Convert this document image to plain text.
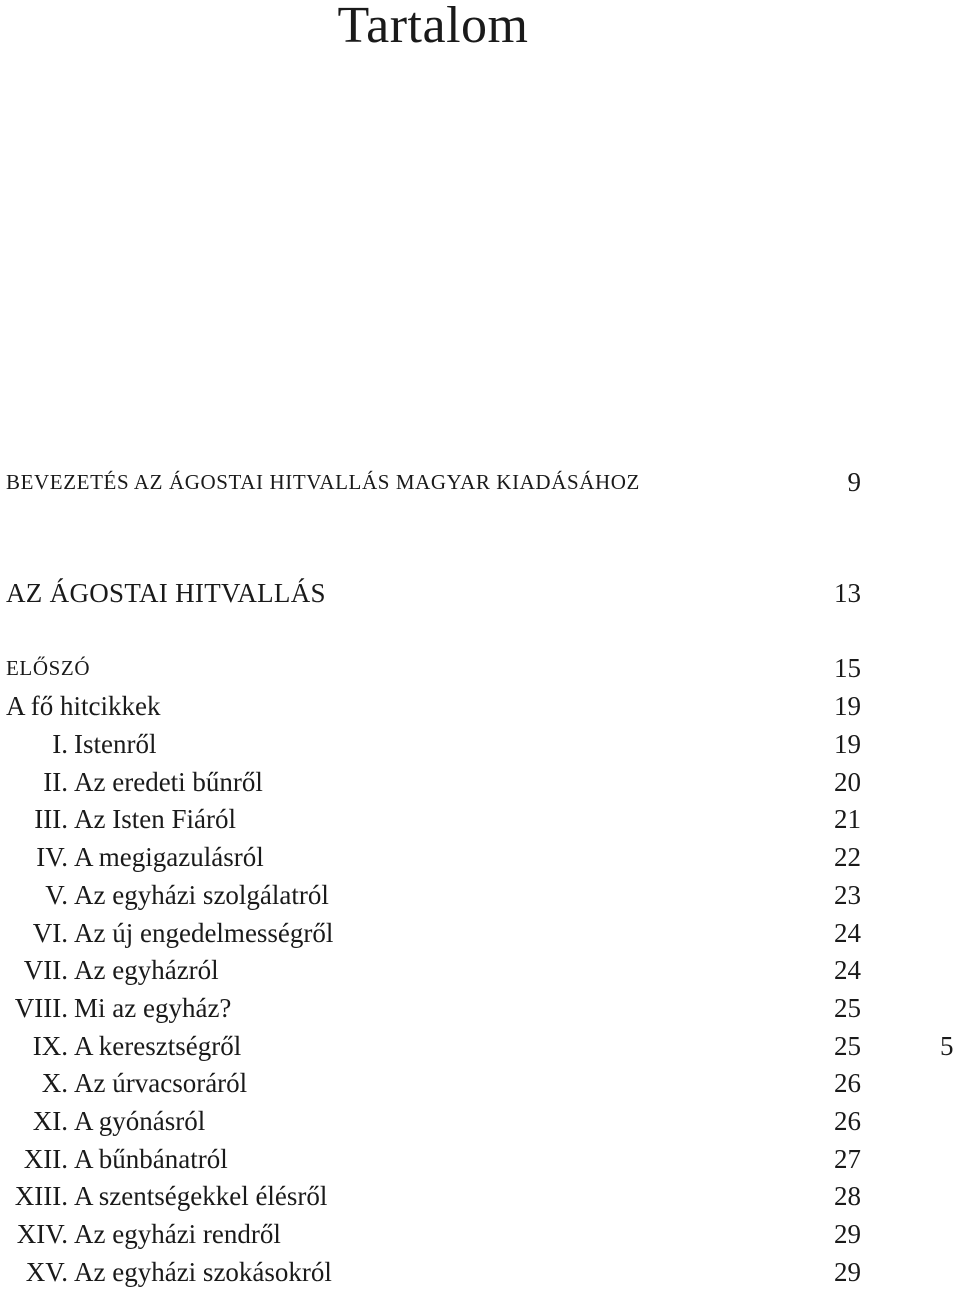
Tartalom
BEVEZETÉS AZ ÁGOSTAI HITVALLÁS MAGYAR KIADÁSÁHOZ	9
AZ ÁGOSTAI HITVALLÁS	13
ELŐSZÓ	15
A fő hitcikkek	19
I. Istenről	19
II. Az eredeti bűnről	20
III. Az Isten Fiáról	21
IV. A megigazulásról	22
V. Az egyházi szolgálatról	23
VI. Az új engedelmességről	24
VII. Az egyházról	24
VIII. Mi az egyház?	25
IX. A keresztségről	25
X. Az úrvacsoráról	26
XI. A gyónásról	26
XII. A bűnbánatról	27
XIII. A szentségekkel élésről	28
XIV. Az egyházi rendről	29
XV. Az egyházi szokásokról	29
5
